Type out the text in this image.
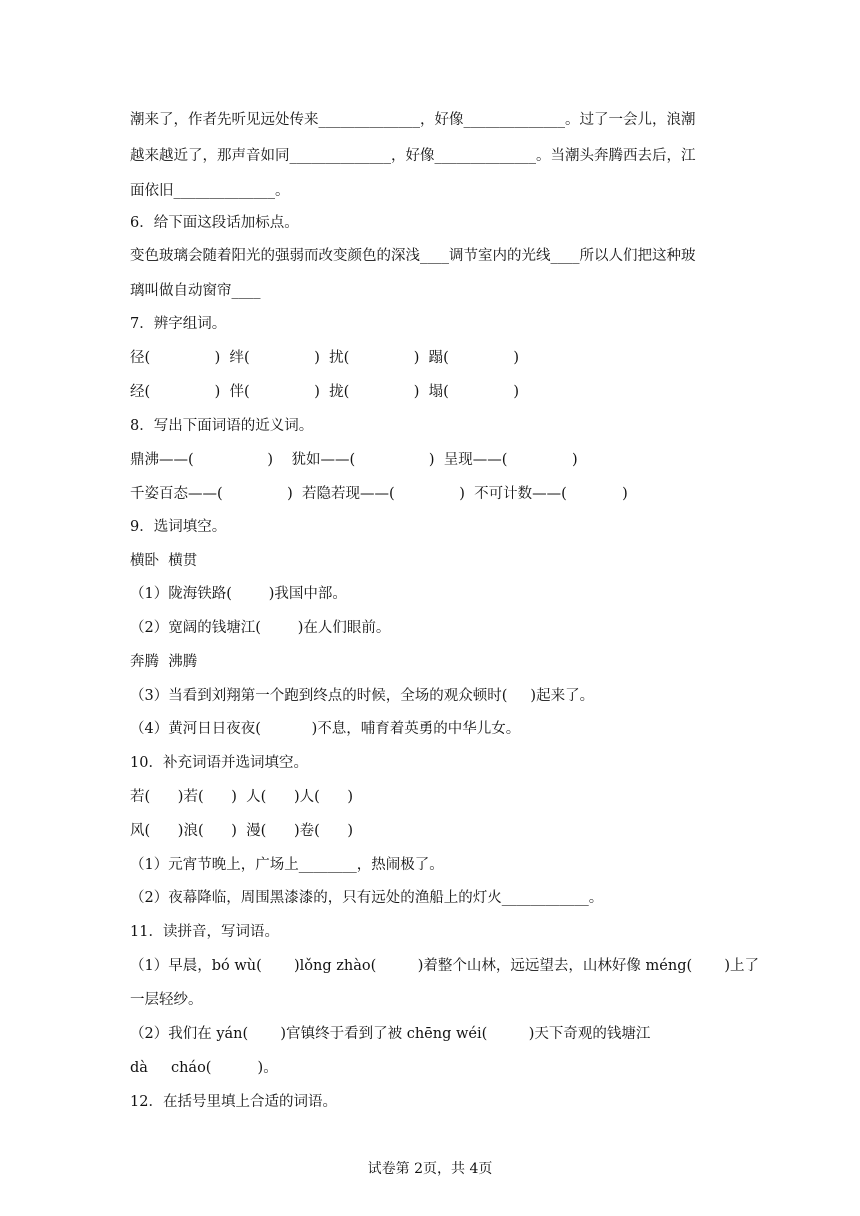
潮来了，作者先听见远处传来______________，好像______________。过了一会儿，浪潮
越来越近了，那声音如同______________，好像______________。当潮头奔腾西去后，江
面依旧______________。
6．给下面这段话加标点。
变色玻璃会随着阳光的强弱而改变颜色的深浅____调节室内的光线____所以人们把这种玻
璃叫做自动窗帘____
7．辨字组词。
径(              )  绊(              )  扰(              )  蹋(              )
经(              )  伴(              )  拢(              )  塌(              )
8．写出下面词语的近义词。
鼎沸——(                )    犹如——(                )  呈现——(              )
千姿百态——(              )  若隐若现——(              )  不可计数——(            )
9．选词填空。
横卧  横贯
（1）陇海铁路(        )我国中部。
（2）宽阔的钱塘江(        )在人们眼前。
奔腾  沸腾
（3）当看到刘翔第一个跑到终点的时候，全场的观众顿时(     )起来了。
（4）黄河日日夜夜(           )不息，哺育着英勇的中华儿女。
10．补充词语并选词填空。
若(      )若(      )  人(      )人(      )
风(      )浪(      )  漫(      )卷(      )
（1）元宵节晚上，广场上________，热闹极了。
（2）夜幕降临，周围黑漆漆的，只有远处的渔船上的灯火____________。
11．读拼音，写词语。
（1）早晨，bó wù(       )lǒng zhào(         )着整个山林，远远望去，山林好像 méng(       )上了
一层轻纱。
（2）我们在 yán(       )官镇终于看到了被 chēng wéi(         )天下奇观的钱塘江
dà     cháo(          )。
12．在括号里填上合适的词语。
试卷第 2页，共 4页
